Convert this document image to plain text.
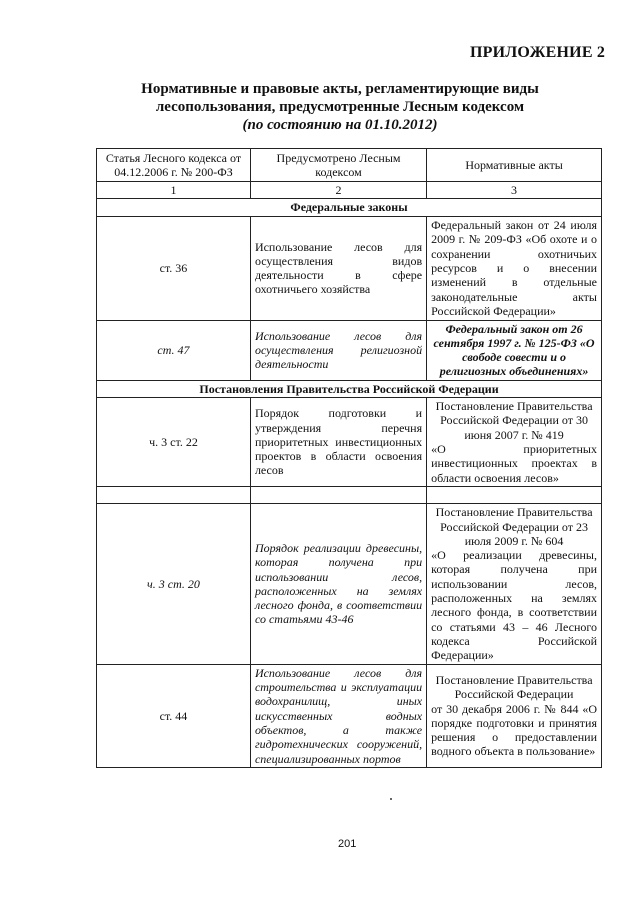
ПРИЛОЖЕНИЕ 2
Нормативные и правовые акты, регламентирующие виды
лесопользования, предусмотренные Лесным кодексом
(по состоянию на 01.10.2012)
Статья Лесного кодекса от 04.12.2006 г. № 200-ФЗ	Предусмотрено Лесным кодексом	Нормативные акты
1	2	3
Федеральные законы		
ст. 36	Использование лесов для осуществления видов деятельности в сфере охотничьего хозяйства	Федеральный закон от 24 июля 2009 г. № 209-ФЗ «Об охоте и о сохранении охотничьих ресурсов и о внесении изменений в отдельные законодательные акты Российской Федерации»
ст. 47	Использование лесов для осуществления религиозной деятельности	Федеральный закон от 26 сентября 1997 г. № 125-ФЗ «О свободе совести и о религиозных объединениях»
Постановления Правительства Российской Федерации		
ч. 3 ст. 22	Порядок подготовки и утверждения перечня приоритетных инвестиционных проектов в области освоения лесов	Постановление Правительства Российской Федерации от 30 июня 2007 г. № 419
«О приоритетных инвестиционных проектах в области освоения лесов»

ч. 3 ст. 20	Порядок реализации древесины, которая получена при использовании лесов, расположенных на землях лесного фонда, в соответствии со статьями 43-46	Постановление Правительства Российской Федерации от 23 июля 2009 г. № 604
«О реализации древесины, которая получена при использовании лесов, расположенных на землях лесного фонда, в соответствии со статьями 43 – 46 Лесного кодекса Российской Федерации»

ст. 44	Использование лесов для строительства и эксплуатации водохранилищ, иных искусственных водных объектов, а также гидротехнических сооружений, специализированных портов	Постановление Правительства Российской Федерации
от 30 декабря 2006 г. № 844 «О порядке подготовки и принятия решения о предоставлении водного объекта в пользование»
201
